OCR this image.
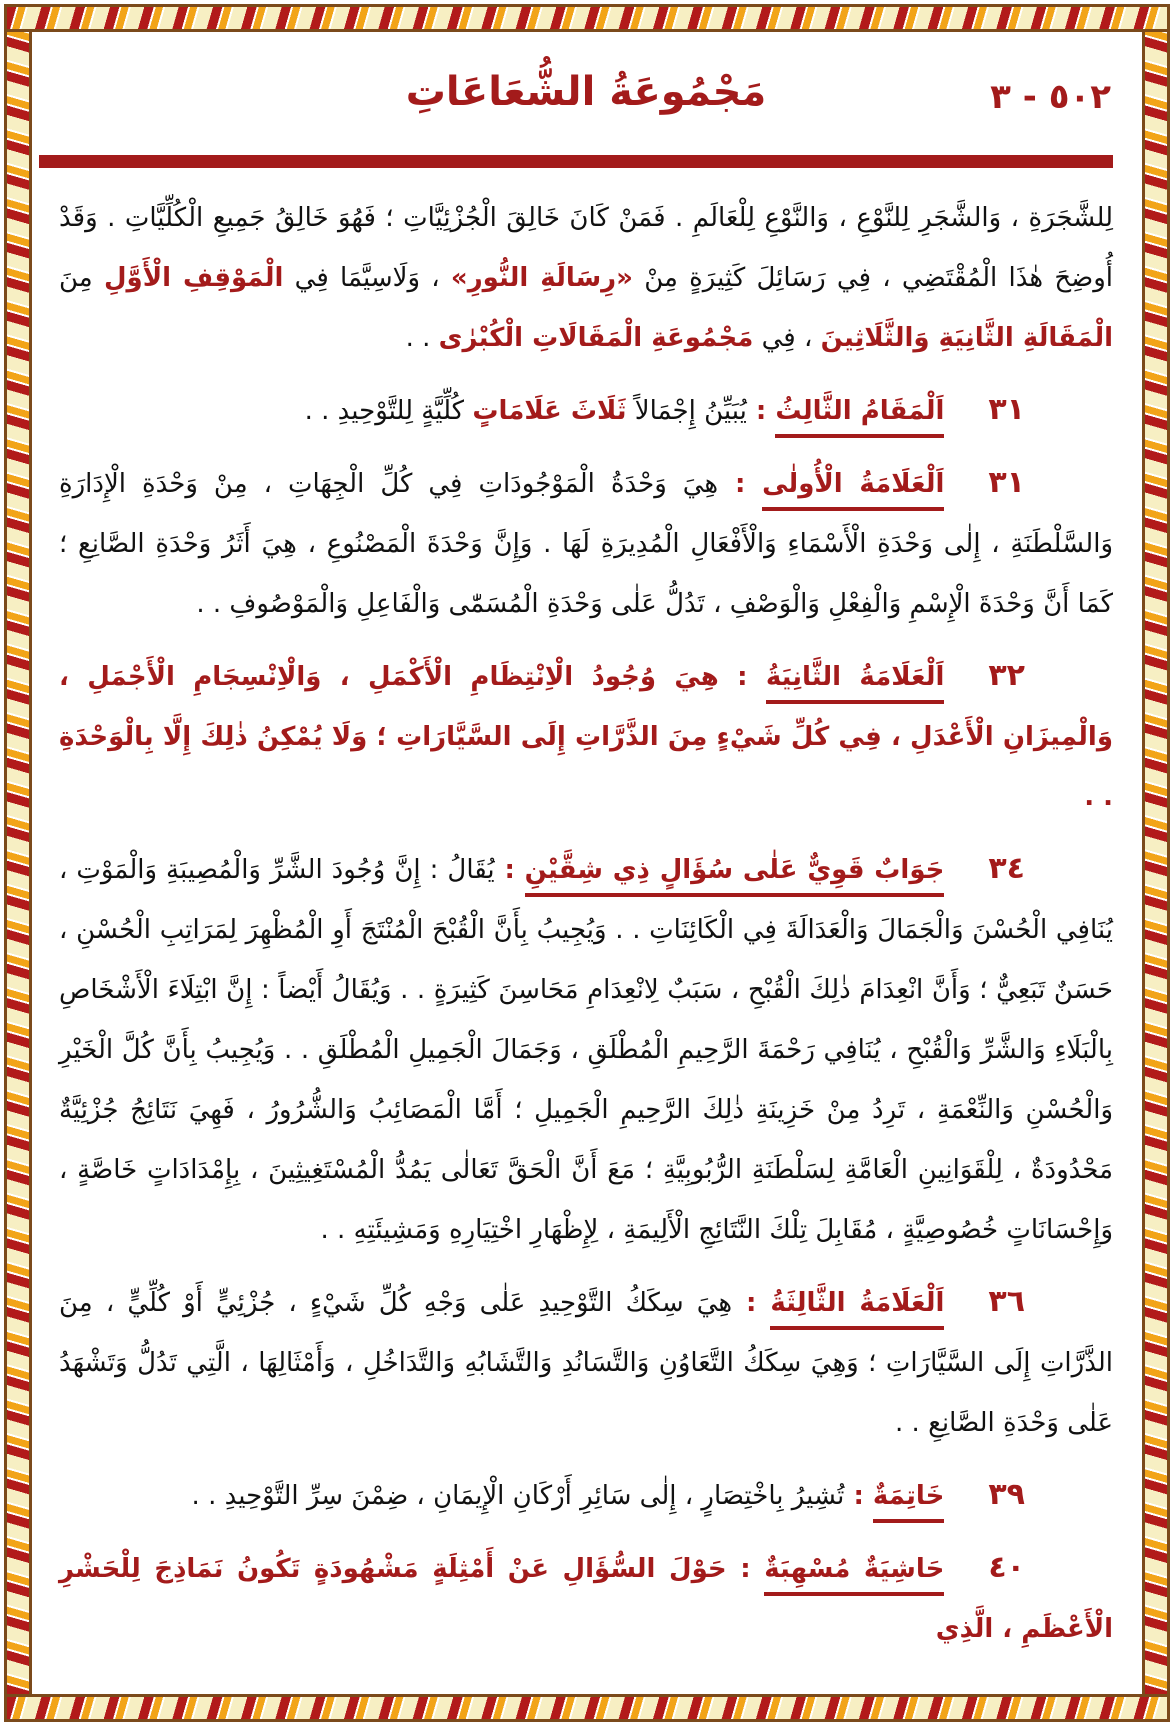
٥٠٢ - ٣
مَجْمُوعَةُ الشُّعَاعَاتِ

لِلشَّجَرَةِ ، وَالشَّجَرِ لِلنَّوْعِ ، وَالنَّوْعِ لِلْعَالَمِ . فَمَنْ كَانَ خَالِقَ الْجُزْئِيَّاتِ ؛ فَهُوَ خَالِقُ جَمِيعِ الْكُلِّيَّاتِ . وَقَدْ أُوضِحَ هٰذَا الْمُقْتَضِي ، فِي رَسَائِلَ كَثِيرَةٍ مِنْ «رِسَالَةِ النُّورِ» ، وَلَاسِيَّمَا فِي الْمَوْقِفِ الْأَوَّلِ مِنَ الْمَقَالَةِ الثَّانِيَةِ وَالثَّلَاثِينَ ، فِي مَجْمُوعَةِ الْمَقَالَاتِ الْكُبْرٰى . .

٣١اَلْمَقَامُ الثَّالِثُ : يُبَيِّنُ إِجْمَالاً ثَلَاثَ عَلَامَاتٍ كُلِّيَّةٍ لِلتَّوْحِيدِ . .

٣١اَلْعَلَامَةُ الْأُولٰى : هِيَ وَحْدَةُ الْمَوْجُودَاتِ فِي كُلِّ الْجِهَاتِ ، مِنْ وَحْدَةِ الْإِدَارَةِ وَالسَّلْطَنَةِ ، إِلٰى وَحْدَةِ الْأَسْمَاءِ وَالْأَفْعَالِ الْمُدِيرَةِ لَهَا . وَإِنَّ وَحْدَةَ الْمَصْنُوعِ ، هِيَ أَثَرُ وَحْدَةِ الصَّانِعِ ؛ كَمَا أَنَّ وَحْدَةَ الْإِسْمِ وَالْفِعْلِ وَالْوَصْفِ ، تَدُلُّ عَلٰى وَحْدَةِ الْمُسَمّٰى وَالْفَاعِلِ وَالْمَوْصُوفِ . .

٣٢اَلْعَلَامَةُ الثَّانِيَةُ : هِيَ وُجُودُ الْاِنْتِظَامِ الْأَكْمَلِ ، وَالْاِنْسِجَامِ الْأَجْمَلِ ، وَالْمِيزَانِ الْأَعْدَلِ ، فِي كُلِّ شَيْءٍ مِنَ الذَّرَّاتِ إِلَى السَّيَّارَاتِ ؛ وَلَا يُمْكِنُ ذٰلِكَ إِلَّا بِالْوَحْدَةِ . .

٣٤جَوَابٌ قَوِيٌّ عَلٰى سُؤَالٍ ذِي شِقَّيْنِ : يُقَالُ : إِنَّ وُجُودَ الشَّرِّ وَالْمُصِيبَةِ وَالْمَوْتِ ، يُنَافِي الْحُسْنَ وَالْجَمَالَ وَالْعَدَالَةَ فِي الْكَائِنَاتِ . . وَيُجِيبُ بِأَنَّ الْقُبْحَ الْمُنْتَجَ أَوِ الْمُظْهِرَ لِمَرَاتِبِ الْحُسْنِ ، حَسَنٌ تَبَعِيٌّ ؛ وَأَنَّ انْعِدَامَ ذٰلِكَ الْقُبْحِ ، سَبَبٌ لِانْعِدَامِ مَحَاسِنَ كَثِيرَةٍ . . وَيُقَالُ أَيْضاً : إِنَّ ابْتِلَاءَ الْأَشْخَاصِ بِالْبَلَاءِ وَالشَّرِّ وَالْقُبْحِ ، يُنَافِي رَحْمَةَ الرَّحِيمِ الْمُطْلَقِ ، وَجَمَالَ الْجَمِيلِ الْمُطْلَقِ . . وَيُجِيبُ بِأَنَّ كُلَّ الْخَيْرِ وَالْحُسْنِ وَالنِّعْمَةِ ، تَرِدُ مِنْ خَزِينَةِ ذٰلِكَ الرَّحِيمِ الْجَمِيلِ ؛ أَمَّا الْمَصَائِبُ وَالشُّرُورُ ، فَهِيَ نَتَائِجُ جُزْئِيَّةٌ مَحْدُودَةٌ ، لِلْقَوَانِينِ الْعَامَّةِ لِسَلْطَنَةِ الرُّبُوبِيَّةِ ؛ مَعَ أَنَّ الْحَقَّ تَعَالٰى يَمُدُّ الْمُسْتَغِيثِينَ ، بِإِمْدَادَاتٍ خَاصَّةٍ ، وَإِحْسَانَاتٍ خُصُوصِيَّةٍ ، مُقَابِلَ تِلْكَ النَّتَائِجِ الْأَلِيمَةِ ، لِإِظْهَارِ اخْتِيَارِهِ وَمَشِيئَتِهِ . .

٣٦اَلْعَلَامَةُ الثَّالِثَةُ : هِيَ سِكَكُ التَّوْحِيدِ عَلٰى وَجْهِ كُلِّ شَيْءٍ ، جُزْئِيٍّ أَوْ كُلِّيٍّ ، مِنَ الذَّرَّاتِ إِلَى السَّيَّارَاتِ ؛ وَهِيَ سِكَكُ التَّعَاوُنِ وَالتَّسَانُدِ وَالتَّشَابُهِ وَالتَّدَاخُلِ ، وَأَمْثَالِهَا ، الَّتِي تَدُلُّ وَتَشْهَدُ عَلٰى وَحْدَةِ الصَّانِعِ . .

٣٩خَاتِمَةٌ : تُشِيرُ بِاخْتِصَارٍ ، إِلٰى سَائِرِ أَرْكَانِ الْإِيمَانِ ، ضِمْنَ سِرِّ التَّوْحِيدِ . .

٤٠حَاشِيَةٌ مُسْهِبَةٌ : حَوْلَ السُّؤَالِ عَنْ أَمْثِلَةٍ مَشْهُودَةٍ تَكُونُ نَمَاذِجَ لِلْحَشْرِ الْأَعْظَمِ ، الَّذِي
